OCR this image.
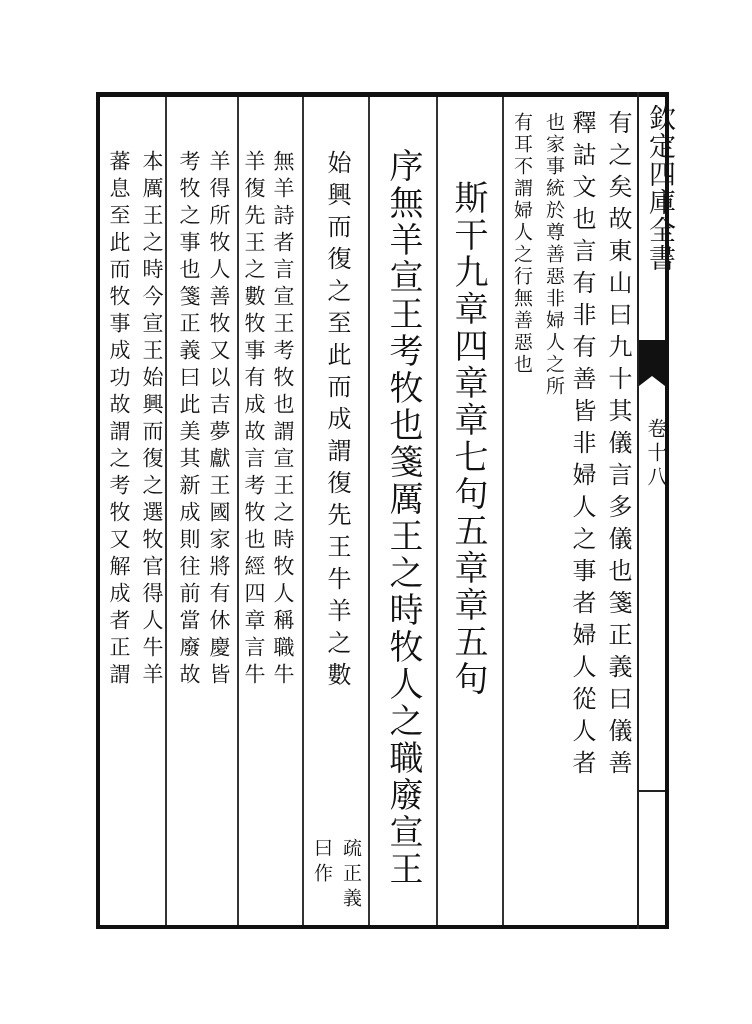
欽定四庫全書
卷十八
有之矣故東山曰九十其儀言多儀也箋正義曰儀善
釋詁文也言有非有善皆非婦人之事者婦人從人者
也家事統於尊善惡非婦人之所
有耳不謂婦人之行無善惡也
斯干九章四章章七句五章章五句
序無羊宣王考牧也箋厲王之時牧人之職廢宣王
始興而復之至此而成謂復先王牛羊之數
疏正義
曰作
無羊詩者言宣王考牧也謂宣王之時牧人稱職牛
羊復先王之數牧事有成故言考牧也經四章言牛
羊得所牧人善牧又以吉夢獻王國家將有休慶皆
考牧之事也箋正義曰此美其新成則往前當廢故
本厲王之時今宣王始興而復之選牧官得人牛羊
蕃息至此而牧事成功故謂之考牧又解成者正謂
